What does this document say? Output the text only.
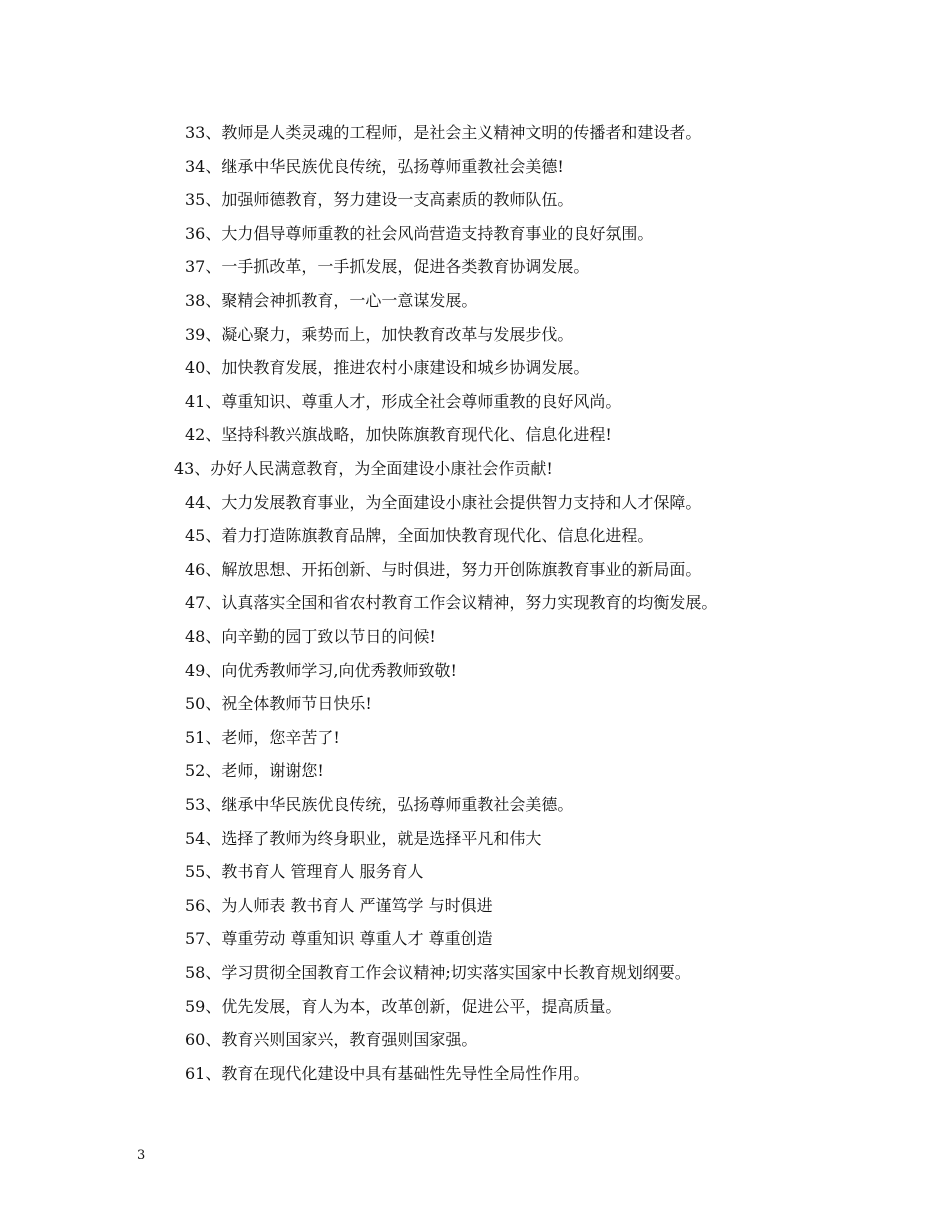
33、教师是人类灵魂的工程师，是社会主义精神文明的传播者和建设者。
34、继承中华民族优良传统，弘扬尊师重教社会美德!
35、加强师德教育，努力建设一支高素质的教师队伍。
36、大力倡导尊师重教的社会风尚营造支持教育事业的良好氛围。
37、一手抓改革，一手抓发展，促进各类教育协调发展。
38、聚精会神抓教育，一心一意谋发展。
39、凝心聚力，乘势而上，加快教育改革与发展步伐。
40、加快教育发展，推进农村小康建设和城乡协调发展。
41、尊重知识、尊重人才，形成全社会尊师重教的良好风尚。
42、坚持科教兴旗战略，加快陈旗教育现代化、信息化进程!
43、办好人民满意教育，为全面建设小康社会作贡献!
44、大力发展教育事业，为全面建设小康社会提供智力支持和人才保障。
45、着力打造陈旗教育品牌，全面加快教育现代化、信息化进程。
46、解放思想、开拓创新、与时俱进，努力开创陈旗教育事业的新局面。
47、认真落实全国和省农村教育工作会议精神，努力实现教育的均衡发展。
48、向辛勤的园丁致以节日的问候!
49、向优秀教师学习,向优秀教师致敬!
50、祝全体教师节日快乐!
51、老师，您辛苦了!
52、老师，谢谢您!
53、继承中华民族优良传统，弘扬尊师重教社会美德。
54、选择了教师为终身职业，就是选择平凡和伟大
55、教书育人 管理育人 服务育人
56、为人师表 教书育人 严谨笃学 与时俱进
57、尊重劳动 尊重知识 尊重人才 尊重创造
58、学习贯彻全国教育工作会议精神;切实落实国家中长教育规划纲要。
59、优先发展，育人为本，改革创新，促进公平，提高质量。
60、教育兴则国家兴，教育强则国家强。
61、教育在现代化建设中具有基础性先导性全局性作用。
3
